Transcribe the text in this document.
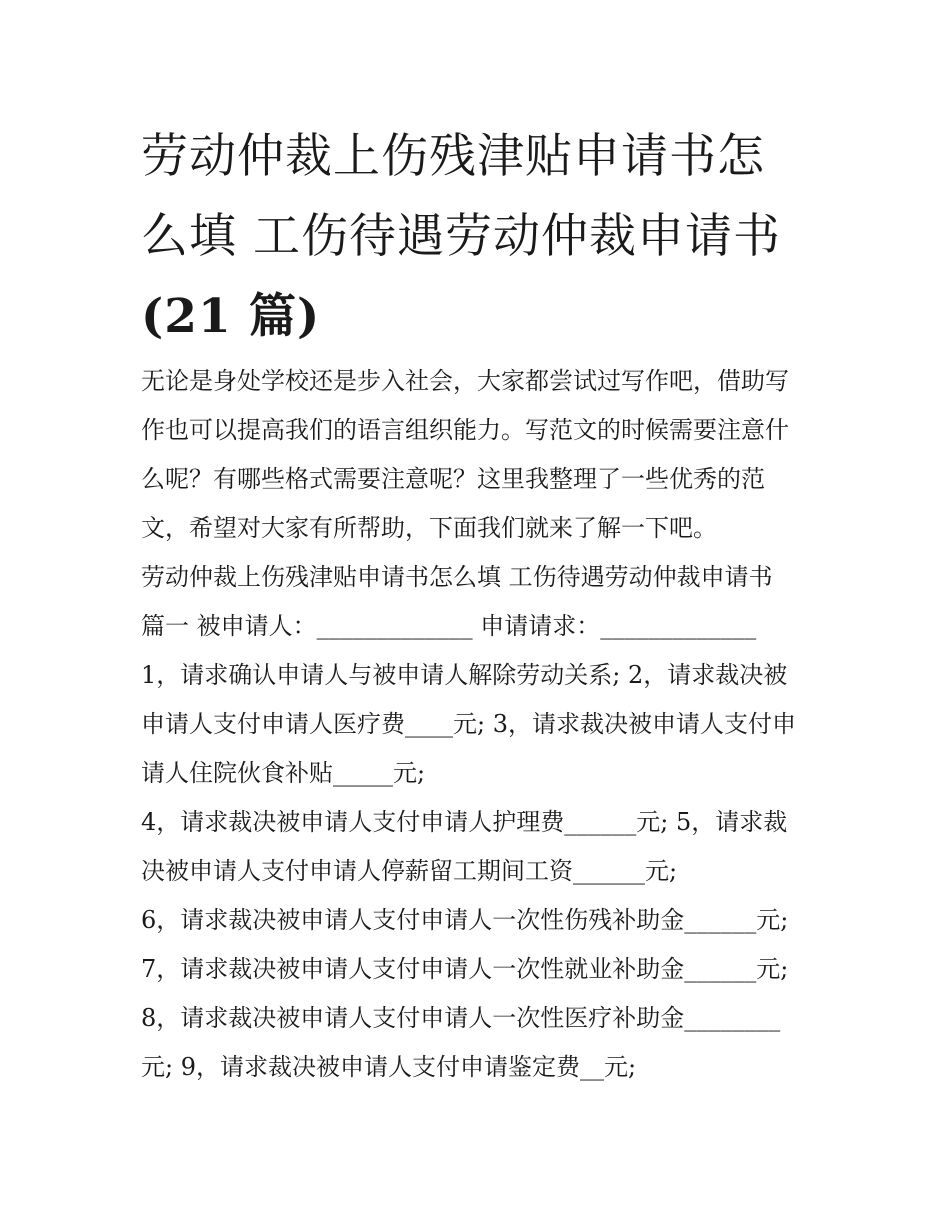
劳动仲裁上伤残津贴申请书怎
么填 工伤待遇劳动仲裁申请书
(21 篇)
无论是身处学校还是步入社会，大家都尝试过写作吧，借助写
作也可以提高我们的语言组织能力。写范文的时候需要注意什
么呢？有哪些格式需要注意呢？这里我整理了一些优秀的范
文，希望对大家有所帮助，下面我们就来了解一下吧。
劳动仲裁上伤残津贴申请书怎么填 工伤待遇劳动仲裁申请书
篇一 被申请人：_____________ 申请请求：_____________
1，请求确认申请人与被申请人解除劳动关系; 2，请求裁决被
申请人支付申请人医疗费____元; 3，请求裁决被申请人支付申
请人住院伙食补贴_____元;
4，请求裁决被申请人支付申请人护理费______元; 5，请求裁
决被申请人支付申请人停薪留工期间工资______元;
6，请求裁决被申请人支付申请人一次性伤残补助金______元;
7，请求裁决被申请人支付申请人一次性就业补助金______元;
8，请求裁决被申请人支付申请人一次性医疗补助金________
元; 9，请求裁决被申请人支付申请鉴定费__元;
